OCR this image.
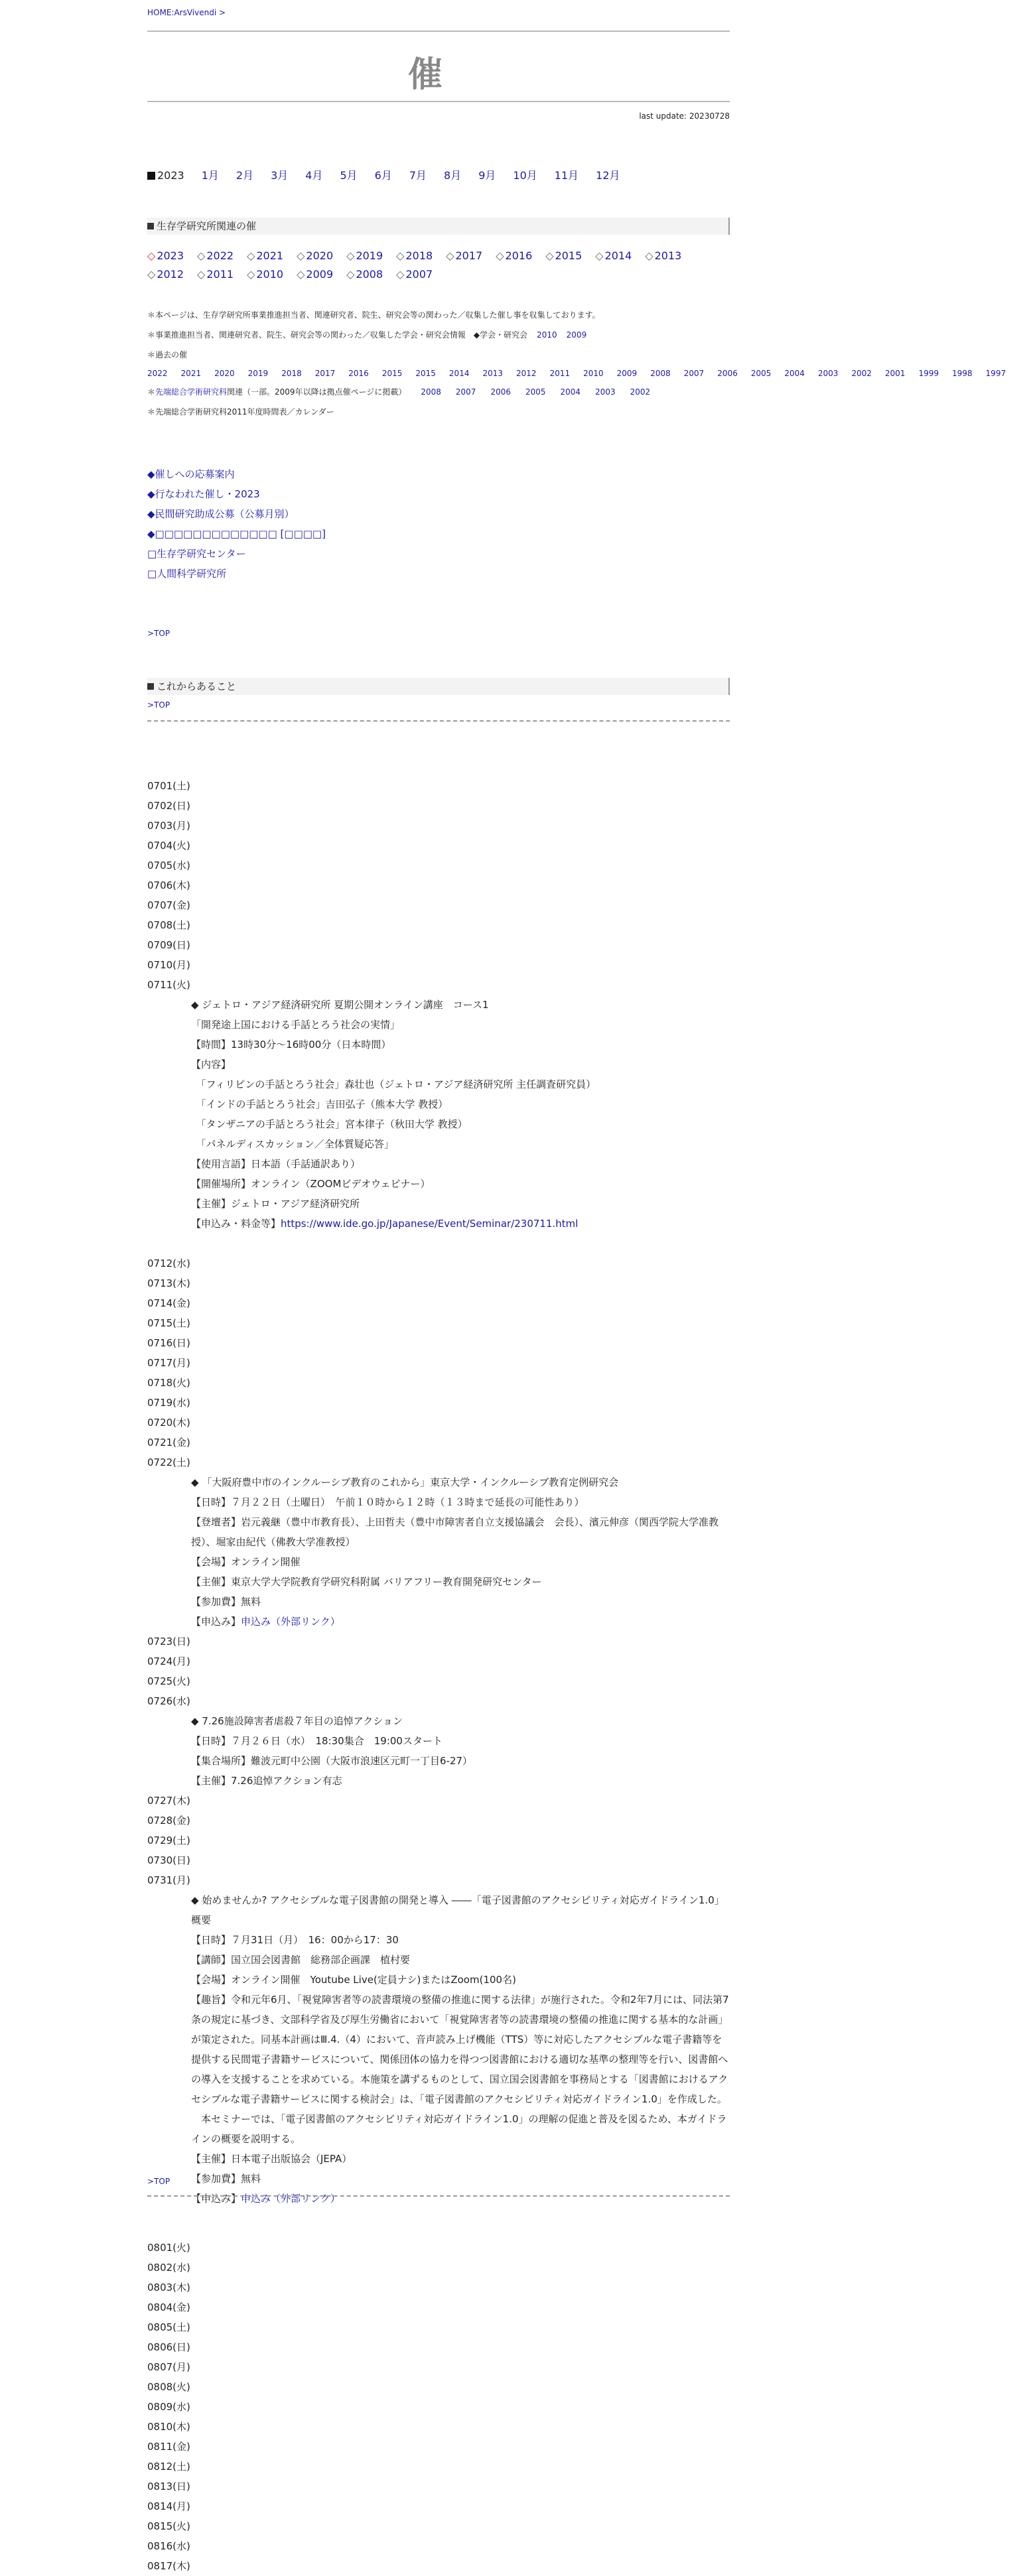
HOME:ArsVivendi >
催
last update: 20230728
2023 1月 2月 3月 4月 5月 6月 7月 8月 9月 10月 11月 12月
生存学研究所関連の催
◇ 2023 ◇ 2022 ◇ 2021 ◇ 2020 ◇ 2019 ◇ 2018 ◇ 2017 ◇ 2016 ◇ 2015 ◇ 2014 ◇ 2013◇ 2012 ◇ 2011 ◇ 2010 ◇ 2009 ◇ 2008 ◇ 2007
＊本ページは、生存学研究所事業推進担当者、関連研究者、院生、研究会等の関わった／収集した催し事を収集しております。
＊事業推進担当者、関連研究者、院生、研究会等の関わった／収集した学会・研究会情報　◆学会・研究会 2010 2009
＊過去の催
2022 2021 2020 2019 2018 2017 2016 2015 2015 2014 2013 2012 2011 2010 2009 2008 2007 2006 2005 2004 2003 2002 2001 1999 1998 1997
＊先端総合学術研究科関連（一部。2009年以降は拠点催ページに掲載） 2008 2007 2006 2005 2004 2003 2002
＊先端総合学術研究科2011年度時間表／カレンダー
◆催しへの応募案内
◆行なわれた催し・2023
◆民間研究助成公募（公募月別）
◆□□□□□□□□□□□□□ [□□□□]
□生存学研究センター
□人間科学研究所
>TOP
これからあること
>TOP
0701(土)
0702(日)
0703(月)
0704(火)
0705(水)
0706(木)
0707(金)
0708(土)
0709(日)
0710(月)
0711(火)
◆ ジェトロ・アジア経済研究所 夏期公開オンライン講座　コース1
「開発途上国における手話とろう社会の実情」
【時間】13時30分〜16時00分（日本時間）
【内容】
　「フィリピンの手話とろう社会」森壮也（ジェトロ・アジア経済研究所 主任調査研究員）
　「インドの手話とろう社会」吉田弘子（熊本大学 教授）
　「タンザニアの手話とろう社会」宮本律子（秋田大学 教授）
　「パネルディスカッション／全体質疑応答」
【使用言語】日本語（手話通訳あり）
【開催場所】オンライン（ZOOMビデオウェビナー）
【主催】ジェトロ・アジア経済研究所
【申込み・料金等】https://www.ide.go.jp/Japanese/Event/Seminar/230711.html
0712(水)
0713(木)
0714(金)
0715(土)
0716(日)
0717(月)
0718(火)
0719(水)
0720(木)
0721(金)
0722(土)
◆ 「大阪府豊中市のインクルーシブ教育のこれから」東京大学・インクルーシブ教育定例研究会
【日時】７月２２日（土曜日）　午前１０時から１２時（１３時まで延長の可能性あり）
【登壇者】岩元義継（豊中市教育長）、上田哲夫（豊中市障害者自立支援協議会　会長）、濱元伸彦（関西学院大学准教授）、堀家由紀代（佛教大学准教授）
【会場】オンライン開催
【主催】東京大学大学院教育学研究科附属 バリアフリー教育開発研究センター
【参加費】無料
【申込み】申込み（外部リンク）
0723(日)
0724(月)
0725(火)
0726(水)
◆ 7.26施設障害者虐殺７年目の追悼アクション
【日時】７月２６日（水）　18:30集合　19:00スタート
【集合場所】難波元町中公園（大阪市浪速区元町一丁目6-27）
【主催】7.26追悼アクション有志
0727(木)
0728(金)
0729(土)
0730(日)
0731(月)
◆ 始めませんか? アクセシブルな電子図書館の開発と導入 ――「電子図書館のアクセシビリティ対応ガイドライン1.0」概要
【日時】７月31日（月）　16：00から17：30
【講師】国立国会図書館　総務部企画課　植村要
【会場】オンライン開催　Youtube Live(定員ナシ)またはZoom(100名)
【趣旨】令和元年6月、「視覚障害者等の読書環境の整備の推進に関する法律」が施行された。令和2年7月には、同法第7条の規定に基づき、文部科学省及び厚生労働省において「視覚障害者等の読書環境の整備の推進に関する基本的な計画」が策定された。同基本計画はⅢ.4.（4）において、音声読み上げ機能（TTS）等に対応したアクセシブルな電子書籍等を提供する民間電子書籍サービスについて、関係団体の協力を得つつ図書館における適切な基準の整理等を行い、図書館への導入を支援することを求めている。本施策を講ずるものとして、国立国会図書館を事務局とする「図書館におけるアクセシブルな電子書籍サービスに関する検討会」は、「電子図書館のアクセシビリティ対応ガイドライン1.0」を作成した。
　本セミナーでは、「電子図書館のアクセシビリティ対応ガイドライン1.0」の理解の促進と普及を図るため、本ガイドラインの概要を説明する。
【主催】日本電子出版協会（JEPA）
【参加費】無料
【申込み】申込み（外部リンク）
>TOP
0801(火)
0802(水)
0803(木)
0804(金)
0805(土)
0806(日)
0807(月)
0808(火)
0809(水)
0810(木)
0811(金)
0812(土)
0813(日)
0814(月)
0815(火)
0816(水)
0817(木)
